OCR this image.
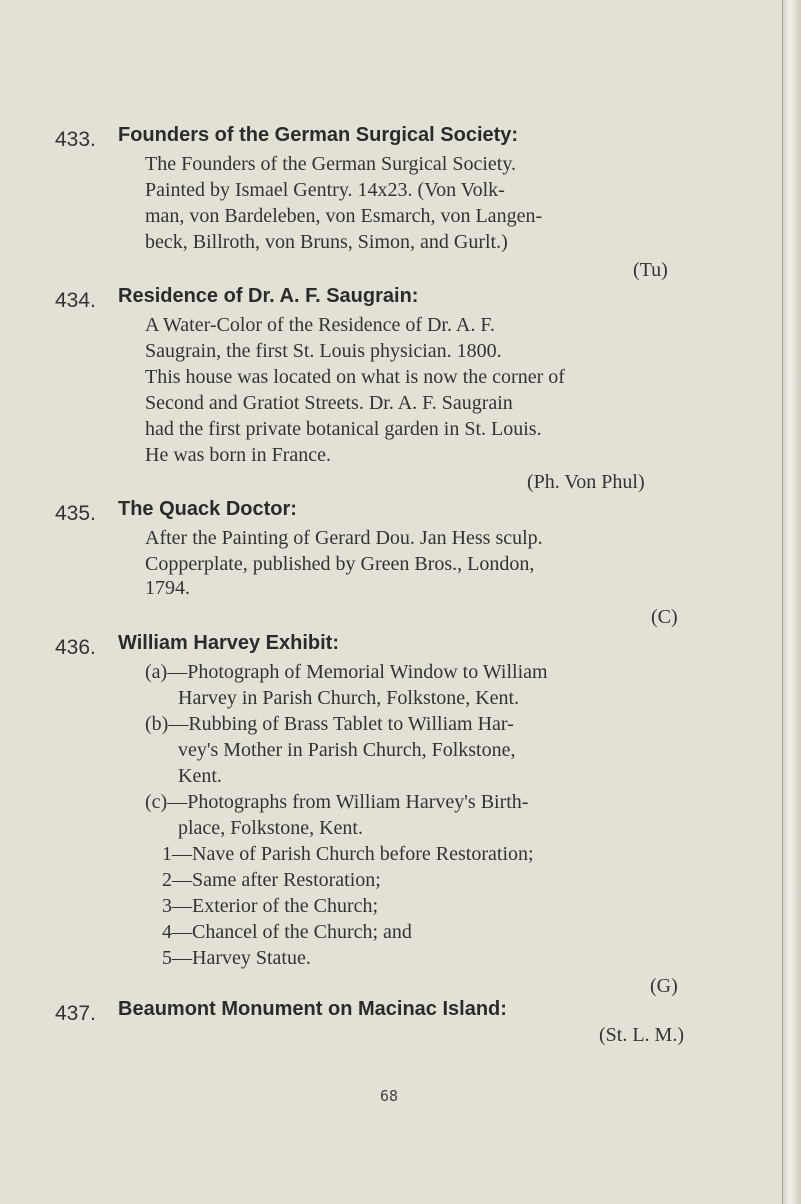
433. Founders of the German Surgical Society:
The Founders of the German Surgical Society.
Painted by Ismael Gentry. 14x23. (Von Volk-
man, von Bardeleben, von Esmarch, von Langen-
beck, Billroth, von Bruns, Simon, and Gurlt.)
(Tu)
434. Residence of Dr. A. F. Saugrain:
A Water-Color of the Residence of Dr. A. F.
Saugrain, the first St. Louis physician. 1800.
This house was located on what is now the corner of
Second and Gratiot Streets. Dr. A. F. Saugrain
had the first private botanical garden in St. Louis.
He was born in France.
(Ph. Von Phul)
435. The Quack Doctor:
After the Painting of Gerard Dou. Jan Hess sculp.
Copperplate, published by Green Bros., London,
1794.
(C)
436. William Harvey Exhibit:
(a)—Photograph of Memorial Window to William
Harvey in Parish Church, Folkstone, Kent.
(b)—Rubbing of Brass Tablet to William Har-
vey's Mother in Parish Church, Folkstone,
Kent.
(c)—Photographs from William Harvey's Birth-
place, Folkstone, Kent.
1—Nave of Parish Church before Restoration;
2—Same after Restoration;
3—Exterior of the Church;
4—Chancel of the Church; and
5—Harvey Statue.
(G)
437. Beaumont Monument on Macinac Island:
(St. L. M.)
68
